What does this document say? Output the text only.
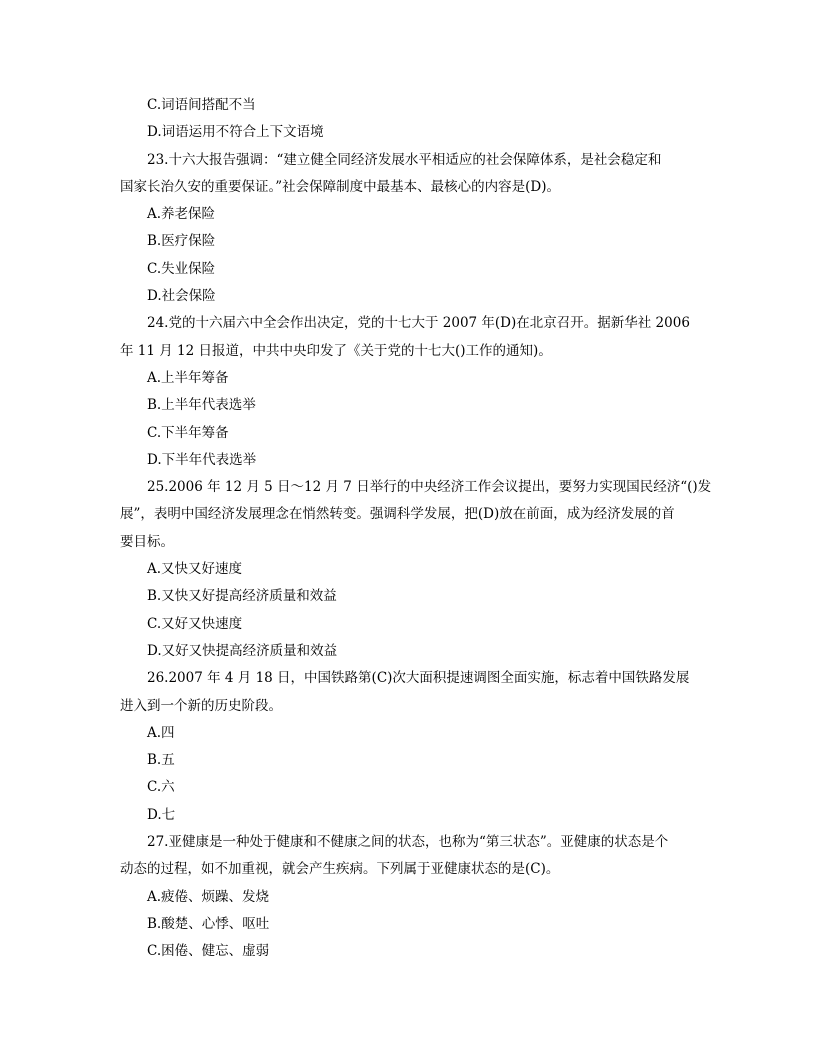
C.词语间搭配不当
D.词语运用不符合上下文语境
23.十六大报告强调：“建立健全同经济发展水平相适应的社会保障体系，是社会稳定和
国家长治久安的重要保证。”社会保障制度中最基本、最核心的内容是(D)。
A.养老保险
B.医疗保险
C.失业保险
D.社会保险
24.党的十六届六中全会作出决定，党的十七大于 2007 年(D)在北京召开。据新华社 2006
年 11 月 12 日报道，中共中央印发了《关于党的十七大()工作的通知)。
A.上半年筹备
B.上半年代表选举
C.下半年筹备
D.下半年代表选举
25.2006 年 12 月 5 日～12 月 7 日举行的中央经济工作会议提出，要努力实现国民经济“()发
展”，表明中国经济发展理念在悄然转变。强调科学发展，把(D)放在前面，成为经济发展的首
要目标。
A.又快又好速度
B.又快又好提高经济质量和效益
C.又好又快速度
D.又好又快提高经济质量和效益
26.2007 年 4 月 18 日，中国铁路第(C)次大面积提速调图全面实施，标志着中国铁路发展
进入到一个新的历史阶段。
A.四
B.五
C.六
D.七
27.亚健康是一种处于健康和不健康之间的状态，也称为“第三状态”。亚健康的状态是个
动态的过程，如不加重视，就会产生疾病。下列属于亚健康状态的是(C)。
A.疲倦、烦躁、发烧
B.酸楚、心悸、呕吐
C.困倦、健忘、虚弱
